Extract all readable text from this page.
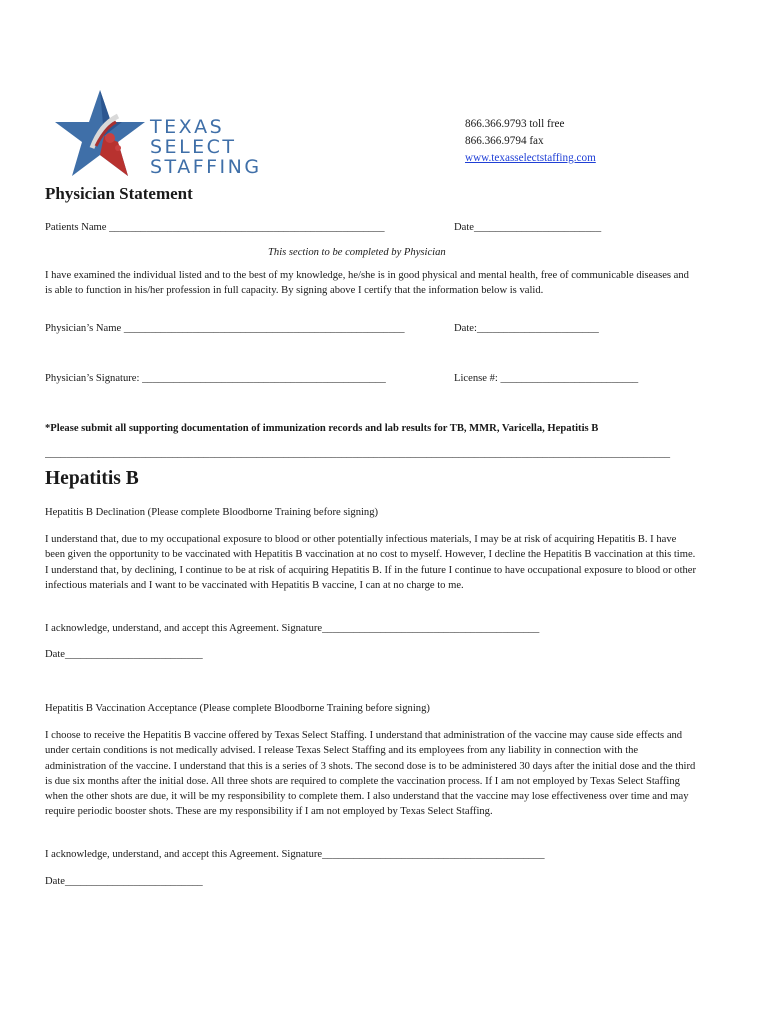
TEXAS
SELECT
STAFFING
866.366.9793 toll free
866.366.9794 fax
www.texasselectstaffing.com
Physician Statement
Patients Name ____________________________________________________	Date________________________
This section to be completed by Physician
I have examined the individual listed and to the best of my knowledge, he/she is in good physical and mental health, free of communicable diseases and is able to function in his/her profession in full capacity. By signing above I certify that the information below is valid.
Physician’s Name _____________________________________________________	Date:_______________________
Physician’s Signature: ______________________________________________	License #: __________________________
*Please submit all supporting documentation of immunization records and lab results for TB, MMR, Varicella, Hepatitis B
______________________________________________________________________________________________________________________
Hepatitis B
Hepatitis B Declination (Please complete Bloodborne Training before signing)
I understand that, due to my occupational exposure to blood or other potentially infectious materials, I may be at risk of acquiring Hepatitis B. I have been given the opportunity to be vaccinated with Hepatitis B vaccination at no cost to myself. However, I decline the Hepatitis B vaccination at this time. I understand that, by declining, I continue to be at risk of acquiring Hepatitis B. If in the future I continue to have occupational exposure to blood or other infectious materials and I want to be vaccinated with Hepatitis B vaccine, I can at no charge to me.
I acknowledge, understand, and accept this Agreement. Signature_________________________________________
Date__________________________
Hepatitis B Vaccination Acceptance (Please complete Bloodborne Training before signing)
I choose to receive the Hepatitis B vaccine offered by Texas Select Staffing. I understand that administration of the vaccine may cause side effects and under certain conditions is not medically advised. I release Texas Select Staffing and its employees from any liability in connection with the administration of the vaccine. I understand that this is a series of 3 shots. The second dose is to be administered 30 days after the initial dose and the third is due six months after the initial dose. All three shots are required to complete the vaccination process. If I am not employed by Texas Select Staffing when the other shots are due, it will be my responsibility to complete them. I also understand that the vaccine may lose effectiveness over time and may require periodic booster shots. These are my responsibility if I am not employed by Texas Select Staffing.
I acknowledge, understand, and accept this Agreement. Signature__________________________________________
Date__________________________
